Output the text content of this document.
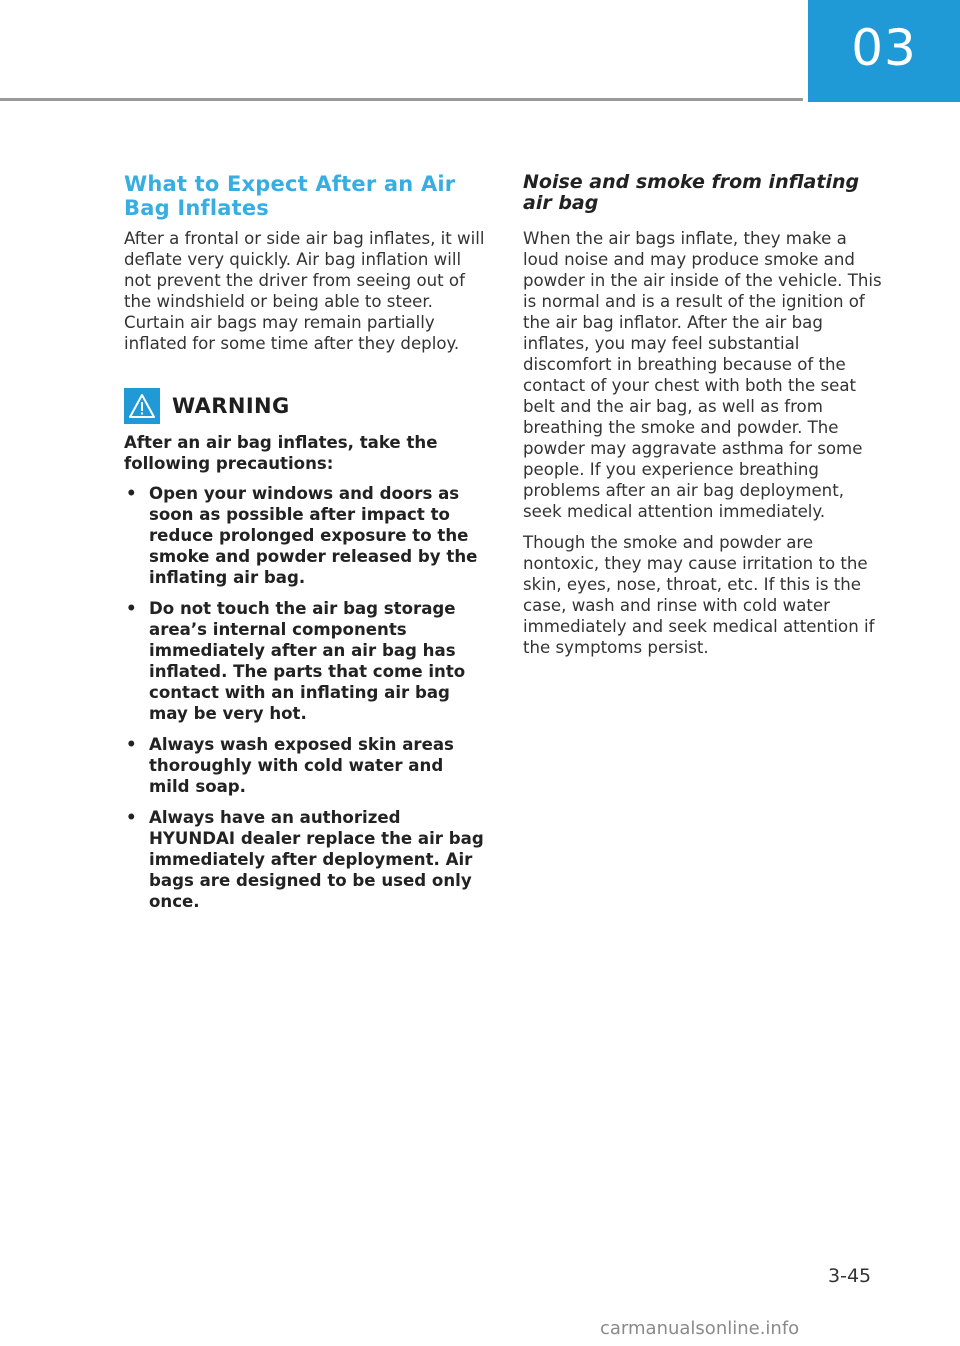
03
What to Expect After an Air Bag Inflates

After a frontal or side air bag inflates, it will deflate very quickly. Air bag inflation will not prevent the driver from seeing out of the windshield or being able to steer. Curtain air bags may remain partially inflated for some time after they deploy.

WARNING

After an air bag inflates, take the following precautions:

• Open your windows and doors as soon as possible after impact to reduce prolonged exposure to the smoke and powder released by the inflating air bag.
• Do not touch the air bag storage area’s internal components immediately after an air bag has inflated. The parts that come into contact with an inflating air bag may be very hot.
• Always wash exposed skin areas thoroughly with cold water and mild soap.
• Always have an authorized HYUNDAI dealer replace the air bag immediately after deployment. Air bags are designed to be used only once.
Noise and smoke from inflating air bag

When the air bags inflate, they make a loud noise and may produce smoke and powder in the air inside of the vehicle. This is normal and is a result of the ignition of the air bag inflator. After the air bag inflates, you may feel substantial discomfort in breathing because of the contact of your chest with both the seat belt and the air bag, as well as from breathing the smoke and powder. The powder may aggravate asthma for some people. If you experience breathing problems after an air bag deployment, seek medical attention immediately.

Though the smoke and powder are nontoxic, they may cause irritation to the skin, eyes, nose, throat, etc. If this is the case, wash and rinse with cold water immediately and seek medical attention if the symptoms persist.

3-45
carmanualsonline.info
